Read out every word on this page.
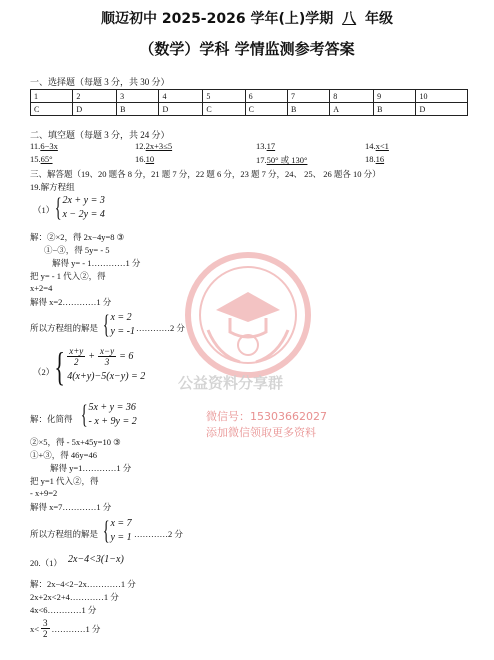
顺迈初中 2025-2026 学年(上)学期 八 年级
（数学）学科 学情监测参考答案
一、选择题（每题 3 分，共 30 分）
1	2	3	4	5	6	7	8	9	10
C	D	B	D	C	C	B	A	B	D
二、填空题（每题 3 分，共 24 分）
11.6−3x	12.2x+3≤5	13.17	14.x<1
15.65°	16.10	17.50° 或 130°	18.16
三、解答题（19、20 题各 8 分，21 题 7 分，22 题 6 分，23 题 7 分，24、 25、 26 题各 10 分）
19.解方程组
（1） { 2x + y = 3
x − 2y = 4
解：②×2，得 2x−4y=8 ③
①−③，得 5y= - 5
解得 y= - 1…………1 分
把 y= - 1 代入②，得
x+2=4
解得 x=2…………1 分
所以方程组的解是 { x = 2
y = -1 …………2 分
（2） { $\frac{x+y}{2} + \frac{x-y}{3} = 6$
4(x+y)−5(x−y) = 2
解：化简得 { 5x + y = 36
- x + 9y = 2
②×5，得 - 5x+45y=10 ③
①+③，得 46y=46
解得 y=1…………1 分
把 y=1 代入②，得
- x+9=2
解得 x=7…………1 分
所以方程组的解是 { x = 7
y = 1 …………2 分
20.（1） 2x−4<3(1−x)
解：2x−4<2−2x…………1 分
2x+2x<2+4…………1 分
4x<6…………1 分
$x< \frac{3}{2}$ …………1 分
公益资料分享群
微信号：15303662027
添加微信领取更多资料
